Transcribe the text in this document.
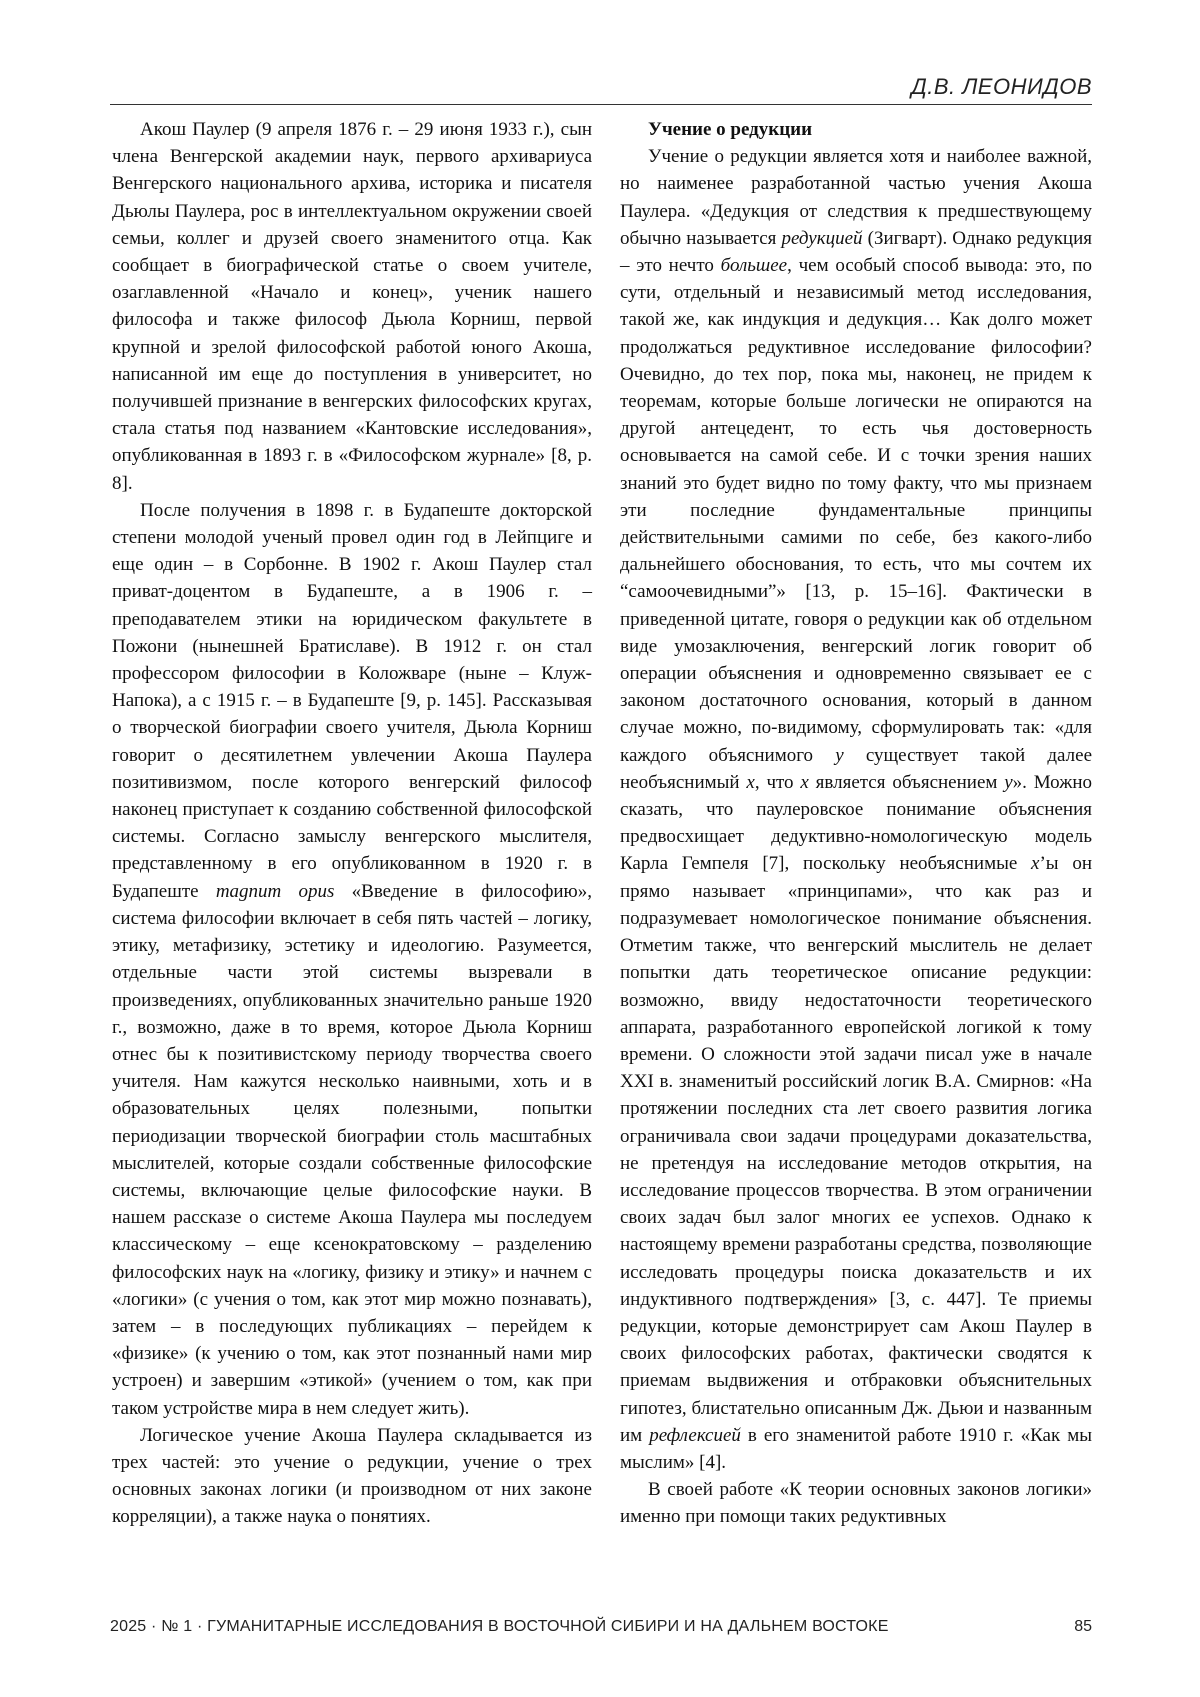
Д.В. ЛЕОНИДОВ

Акош Паулер (9 апреля 1876 г. – 29 июня 1933 г.), сын члена Венгерской академии наук, первого архивариуса Венгерского национального архива, историка и писателя Дьюлы Паулера, рос в интеллектуальном окружении своей семьи, коллег и друзей своего знаменитого отца. Как сообщает в биографической статье о своем учителе, озаглавленной «Начало и конец», ученик нашего философа и также философ Дьюла Корниш, первой крупной и зрелой философской работой юного Акоша, написанной им еще до поступления в университет, но получившей признание в венгерских философских кругах, стала статья под названием «Кантовские исследования», опубликованная в 1893 г. в «Философском журнале» [8, p. 8].

После получения в 1898 г. в Будапеште докторской степени молодой ученый провел один год в Лейпциге и еще один – в Сорбонне. В 1902 г. Акош Паулер стал приват-доцентом в Будапеште, а в 1906 г. – преподавателем этики на юридическом факультете в Пожони (нынешней Братиславе). В 1912 г. он стал профессором философии в Коложваре (ныне – Клуж-Напока), а с 1915 г. – в Будапеште [9, p. 145]. Рассказывая о творческой биографии своего учителя, Дьюла Корниш говорит о десятилетнем увлечении Акоша Паулера позитивизмом, после которого венгерский философ наконец приступает к созданию собственной философской системы. Согласно замыслу венгерского мыслителя, представленному в его опубликованном в 1920 г. в Будапеште magnum opus «Введение в философию», система философии включает в себя пять частей – логику, этику, метафизику, эстетику и идеологию. Разумеется, отдельные части этой системы вызревали в произведениях, опубликованных значительно раньше 1920 г., возможно, даже в то время, которое Дьюла Корниш отнес бы к позитивистскому периоду творчества своего учителя. Нам кажутся несколько наивными, хоть и в образовательных целях полезными, попытки периодизации творческой биографии столь масштабных мыслителей, которые создали собственные философские системы, включающие целые философские науки. В нашем рассказе о системе Акоша Паулера мы последуем классическому – еще ксенократовскому – разделению философских наук на «логику, физику и этику» и начнем с «логики» (с учения о том, как этот мир можно познавать), затем – в последующих публикациях – перейдем к «физике» (к учению о том, как этот познанный нами мир устроен) и завершим «этикой» (учением о том, как при таком устройстве мира в нем следует жить).

Логическое учение Акоша Паулера складывается из трех частей: это учение о редукции, учение о трех основных законах логики (и производном от них законе корреляции), а также наука о понятиях.

Учение о редукции

Учение о редукции является хотя и наиболее важной, но наименее разработанной частью учения Акоша Паулера. «Дедукция от следствия к предшествующему обычно называется редукцией (Зигварт). Однако редукция – это нечто большее, чем особый способ вывода: это, по сути, отдельный и независимый метод исследования, такой же, как индукция и дедукция… Как долго может продолжаться редуктивное исследование философии? Очевидно, до тех пор, пока мы, наконец, не придем к теоремам, которые больше логически не опираются на другой антецедент, то есть чья достоверность основывается на самой себе. И с точки зрения наших знаний это будет видно по тому факту, что мы признаем эти последние фундаментальные принципы действительными самими по себе, без какого-либо дальнейшего обоснования, то есть, что мы сочтем их “самоочевидными”» [13, p. 15–16]. Фактически в приведенной цитате, говоря о редукции как об отдельном виде умозаключения, венгерский логик говорит об операции объяснения и одновременно связывает ее с законом достаточного основания, который в данном случае можно, по-видимому, сформулировать так: «для каждого объяснимого y существует такой далее необъяснимый x, что x является объяснением y». Можно сказать, что паулеровское понимание объяснения предвосхищает дедуктивно-номологическую модель Карла Гемпеля [7], поскольку необъяснимые x’ы он прямо называет «принципами», что как раз и подразумевает номологическое понимание объяснения. Отметим также, что венгерский мыслитель не делает попытки дать теоретическое описание редукции: возможно, ввиду недостаточности теоретического аппарата, разработанного европейской логикой к тому времени. О сложности этой задачи писал уже в начале XXI в. знаменитый российский логик В.А. Смирнов: «На протяжении последних ста лет своего развития логика ограничивала свои задачи процедурами доказательства, не претендуя на исследование методов открытия, на исследование процессов творчества. В этом ограничении своих задач был залог многих ее успехов. Однако к настоящему времени разработаны средства, позволяющие исследовать процедуры поиска доказательств и их индуктивного подтверждения» [3, с. 447]. Те приемы редукции, которые демонстрирует сам Акош Паулер в своих философских работах, фактически сводятся к приемам выдвижения и отбраковки объяснительных гипотез, блистательно описанным Дж. Дьюи и названным им рефлексией в его знаменитой работе 1910 г. «Как мы мыслим» [4].

В своей работе «К теории основных законов логики» именно при помощи таких редуктивных

2025 · № 1 · ГУМАНИТАРНЫЕ ИССЛЕДОВАНИЯ В ВОСТОЧНОЙ СИБИРИ И НА ДАЛЬНЕМ ВОСТОКЕ	85
